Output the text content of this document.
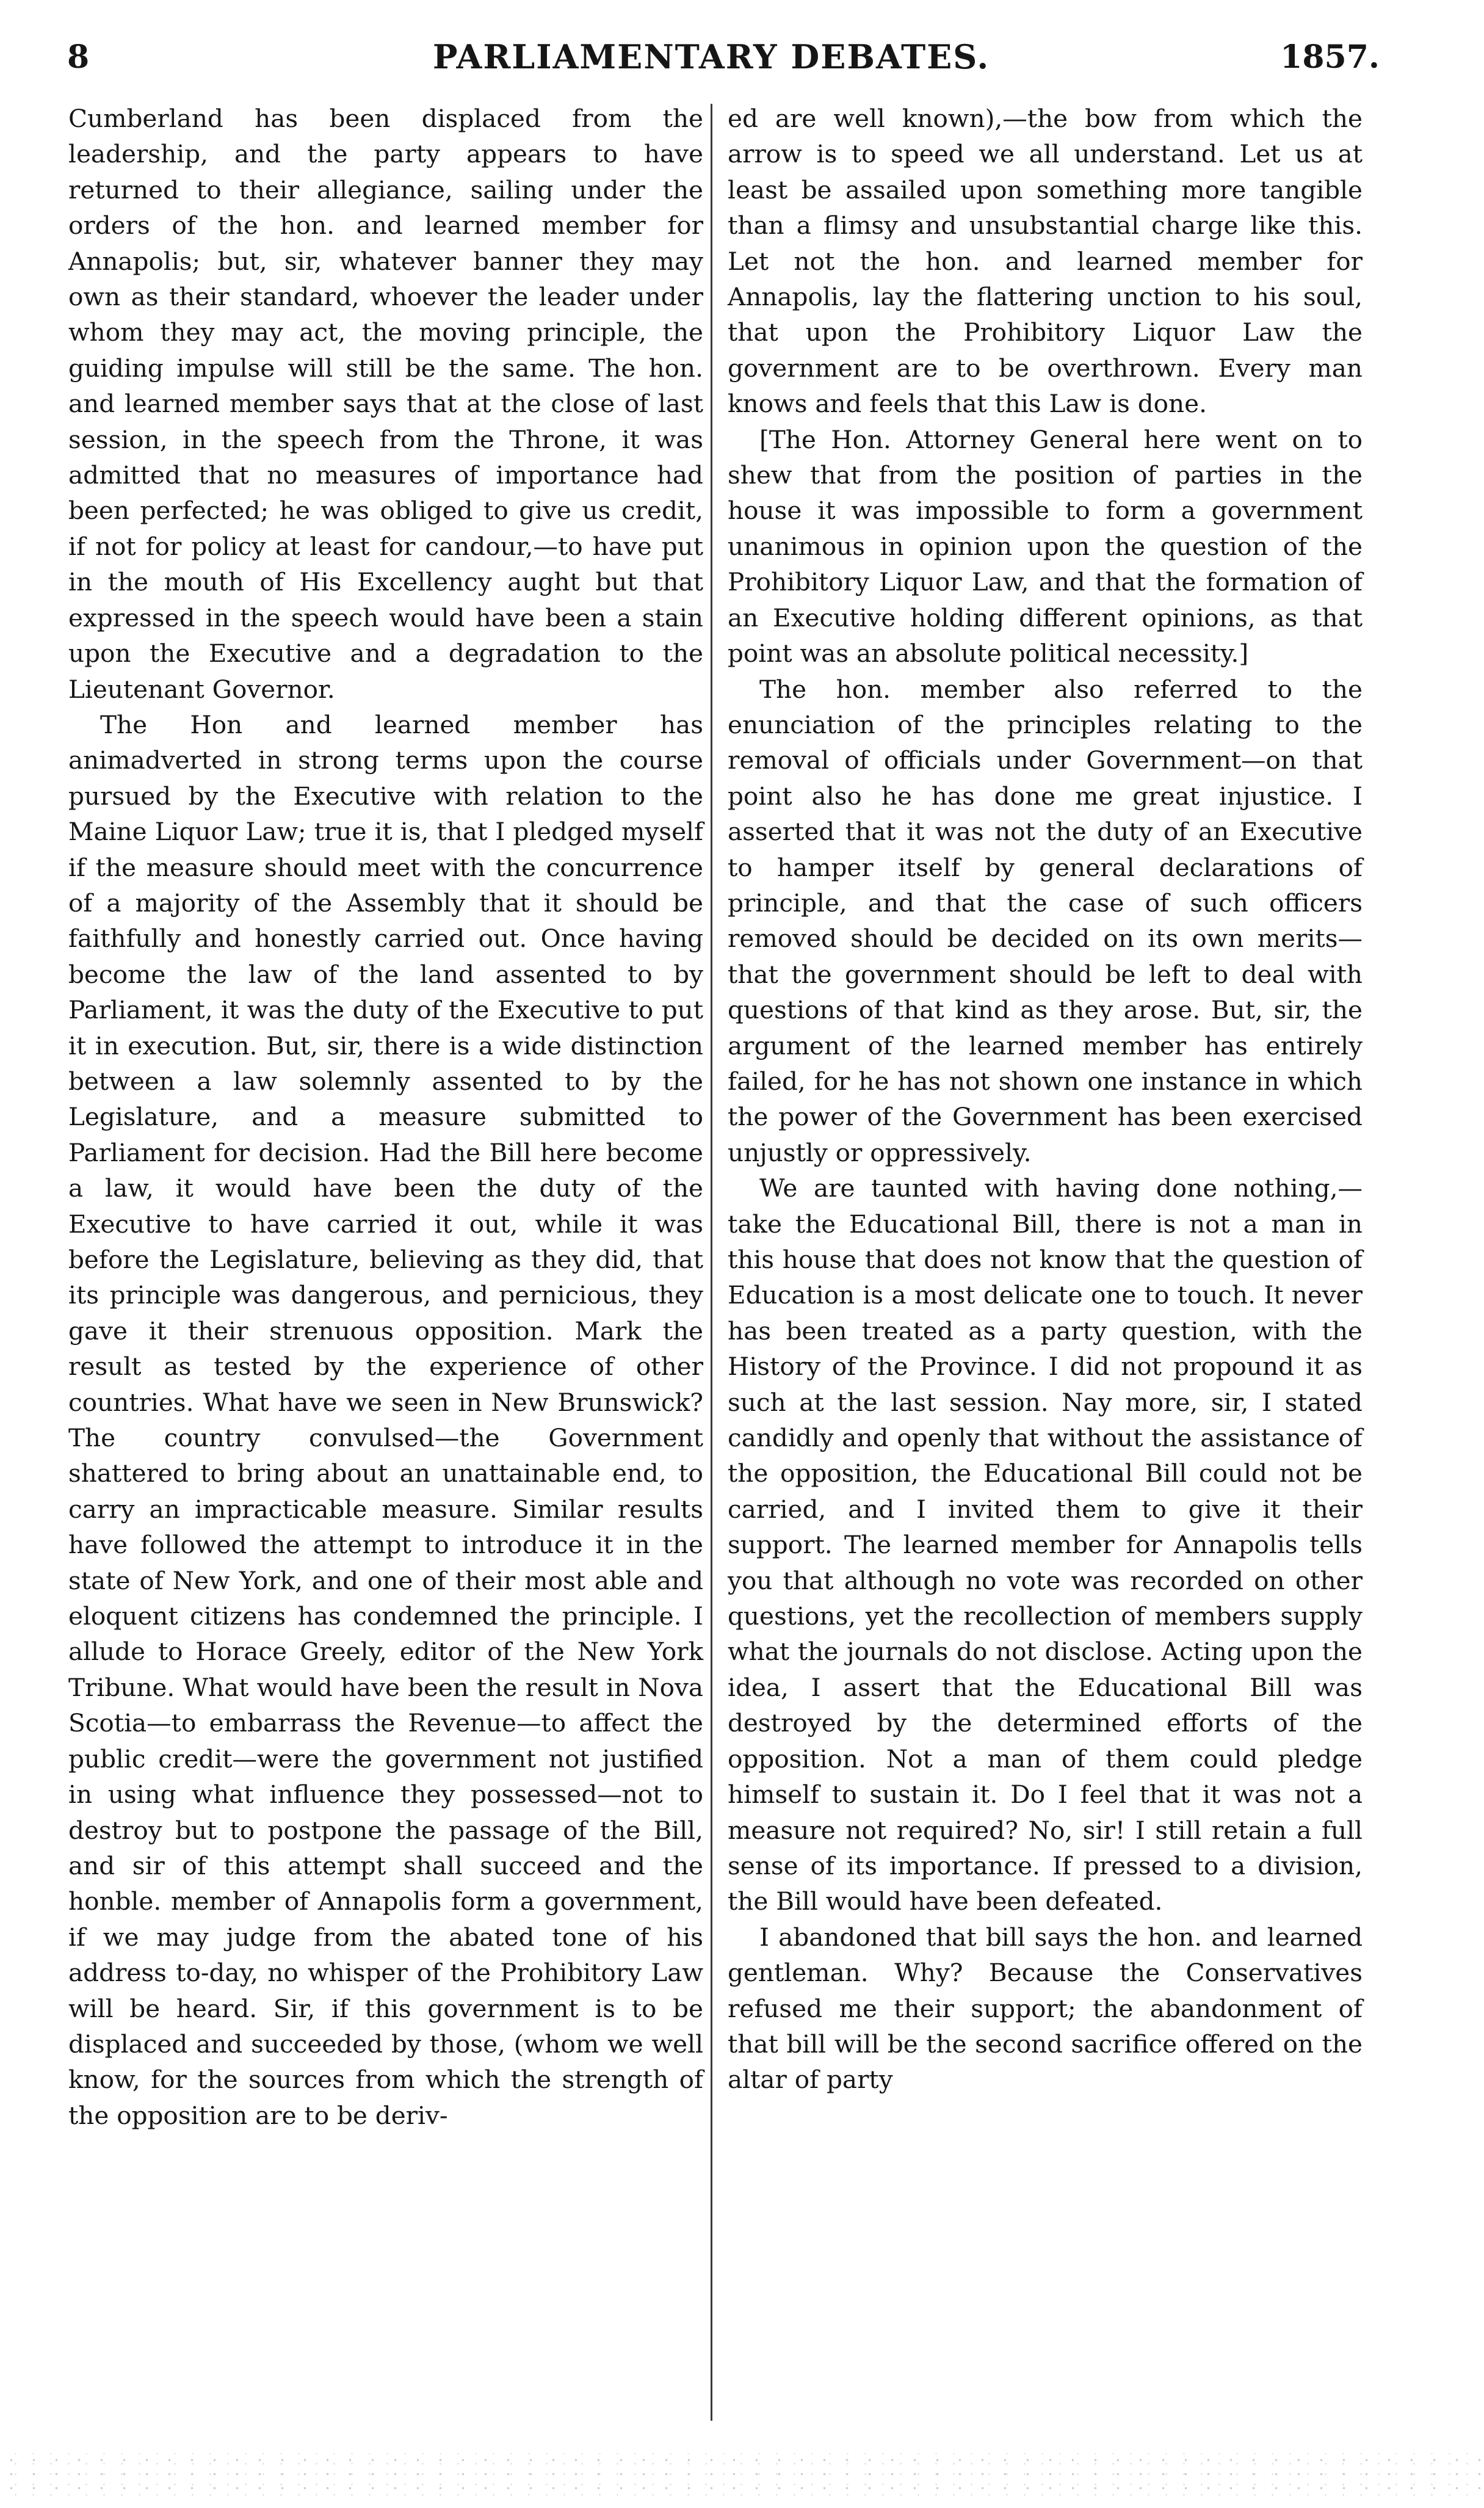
8	PARLIAMENTARY DEBATES.	1857.

Cumberland has been displaced from the leadership, and the party appears to have returned to their allegiance, sailing under the orders of the hon. and learned member for Annapolis; but, sir, whatever banner they may own as their standard, whoever the leader under whom they may act, the moving principle, the guiding impulse will still be the same. The hon. and learned member says that at the close of last session, in the speech from the Throne, it was admitted that no measures of importance had been perfected; he was obliged to give us credit, if not for policy at least for candour,—to have put in the mouth of His Excellency aught but that expressed in the speech would have been a stain upon the Executive and a degradation to the Lieutenant Governor.

The Hon and learned member has animadverted in strong terms upon the course pursued by the Executive with relation to the Maine Liquor Law; true it is, that I pledged myself if the measure should meet with the concurrence of a majority of the Assembly that it should be faithfully and honestly carried out. Once having become the law of the land assented to by Parliament, it was the duty of the Executive to put it in execution. But, sir, there is a wide distinction between a law solemnly assented to by the Legislature, and a measure submitted to Parliament for decision. Had the Bill here become a law, it would have been the duty of the Executive to have carried it out, while it was before the Legislature, believing as they did, that its principle was dangerous, and pernicious, they gave it their strenuous opposition. Mark the result as tested by the experience of other countries. What have we seen in New Brunswick? The country convulsed—the Government shattered to bring about an unattainable end, to carry an impracticable measure. Similar results have followed the attempt to introduce it in the state of New York, and one of their most able and eloquent citizens has condemned the principle. I allude to Horace Greely, editor of the New York Tribune. What would have been the result in Nova Scotia—to embarrass the Revenue—to affect the public credit—were the government not justified in using what influence they possessed—not to destroy but to postpone the passage of the Bill, and sir of this attempt shall succeed and the honble. member of Annapolis form a government, if we may judge from the abated tone of his address to-day, no whisper of the Prohibitory Law will be heard. Sir, if this government is to be displaced and succeeded by those, (whom we well know, for the sources from which the strength of the opposition are to be deriv-

ed are well known),—the bow from which the arrow is to speed we all understand. Let us at least be assailed upon something more tangible than a flimsy and unsubstantial charge like this. Let not the hon. and learned member for Annapolis, lay the flattering unction to his soul, that upon the Prohibitory Liquor Law the government are to be overthrown. Every man knows and feels that this Law is done.

[The Hon. Attorney General here went on to shew that from the position of parties in the house it was impossible to form a government unanimous in opinion upon the question of the Prohibitory Liquor Law, and that the formation of an Executive holding different opinions, as that point was an absolute political necessity.]

The hon. member also referred to the enunciation of the principles relating to the removal of officials under Government—on that point also he has done me great injustice. I asserted that it was not the duty of an Executive to hamper itself by general declarations of principle, and that the case of such officers removed should be decided on its own merits—that the government should be left to deal with questions of that kind as they arose. But, sir, the argument of the learned member has entirely failed, for he has not shown one instance in which the power of the Government has been exercised unjustly or oppressively.

We are taunted with having done nothing,—take the Educational Bill, there is not a man in this house that does not know that the question of Education is a most delicate one to touch. It never has been treated as a party question, with the History of the Province. I did not propound it as such at the last session. Nay more, sir, I stated candidly and openly that without the assistance of the opposition, the Educational Bill could not be carried, and I invited them to give it their support. The learned member for Annapolis tells you that although no vote was recorded on other questions, yet the recollection of members supply what the journals do not disclose. Acting upon the idea, I assert that the Educational Bill was destroyed by the determined efforts of the opposition. Not a man of them could pledge himself to sustain it. Do I feel that it was not a measure not required? No, sir! I still retain a full sense of its importance. If pressed to a division, the Bill would have been defeated.

I abandoned that bill says the hon. and learned gentleman. Why? Because the Conservatives refused me their support; the abandonment of that bill will be the second sacrifice offered on the altar of party
